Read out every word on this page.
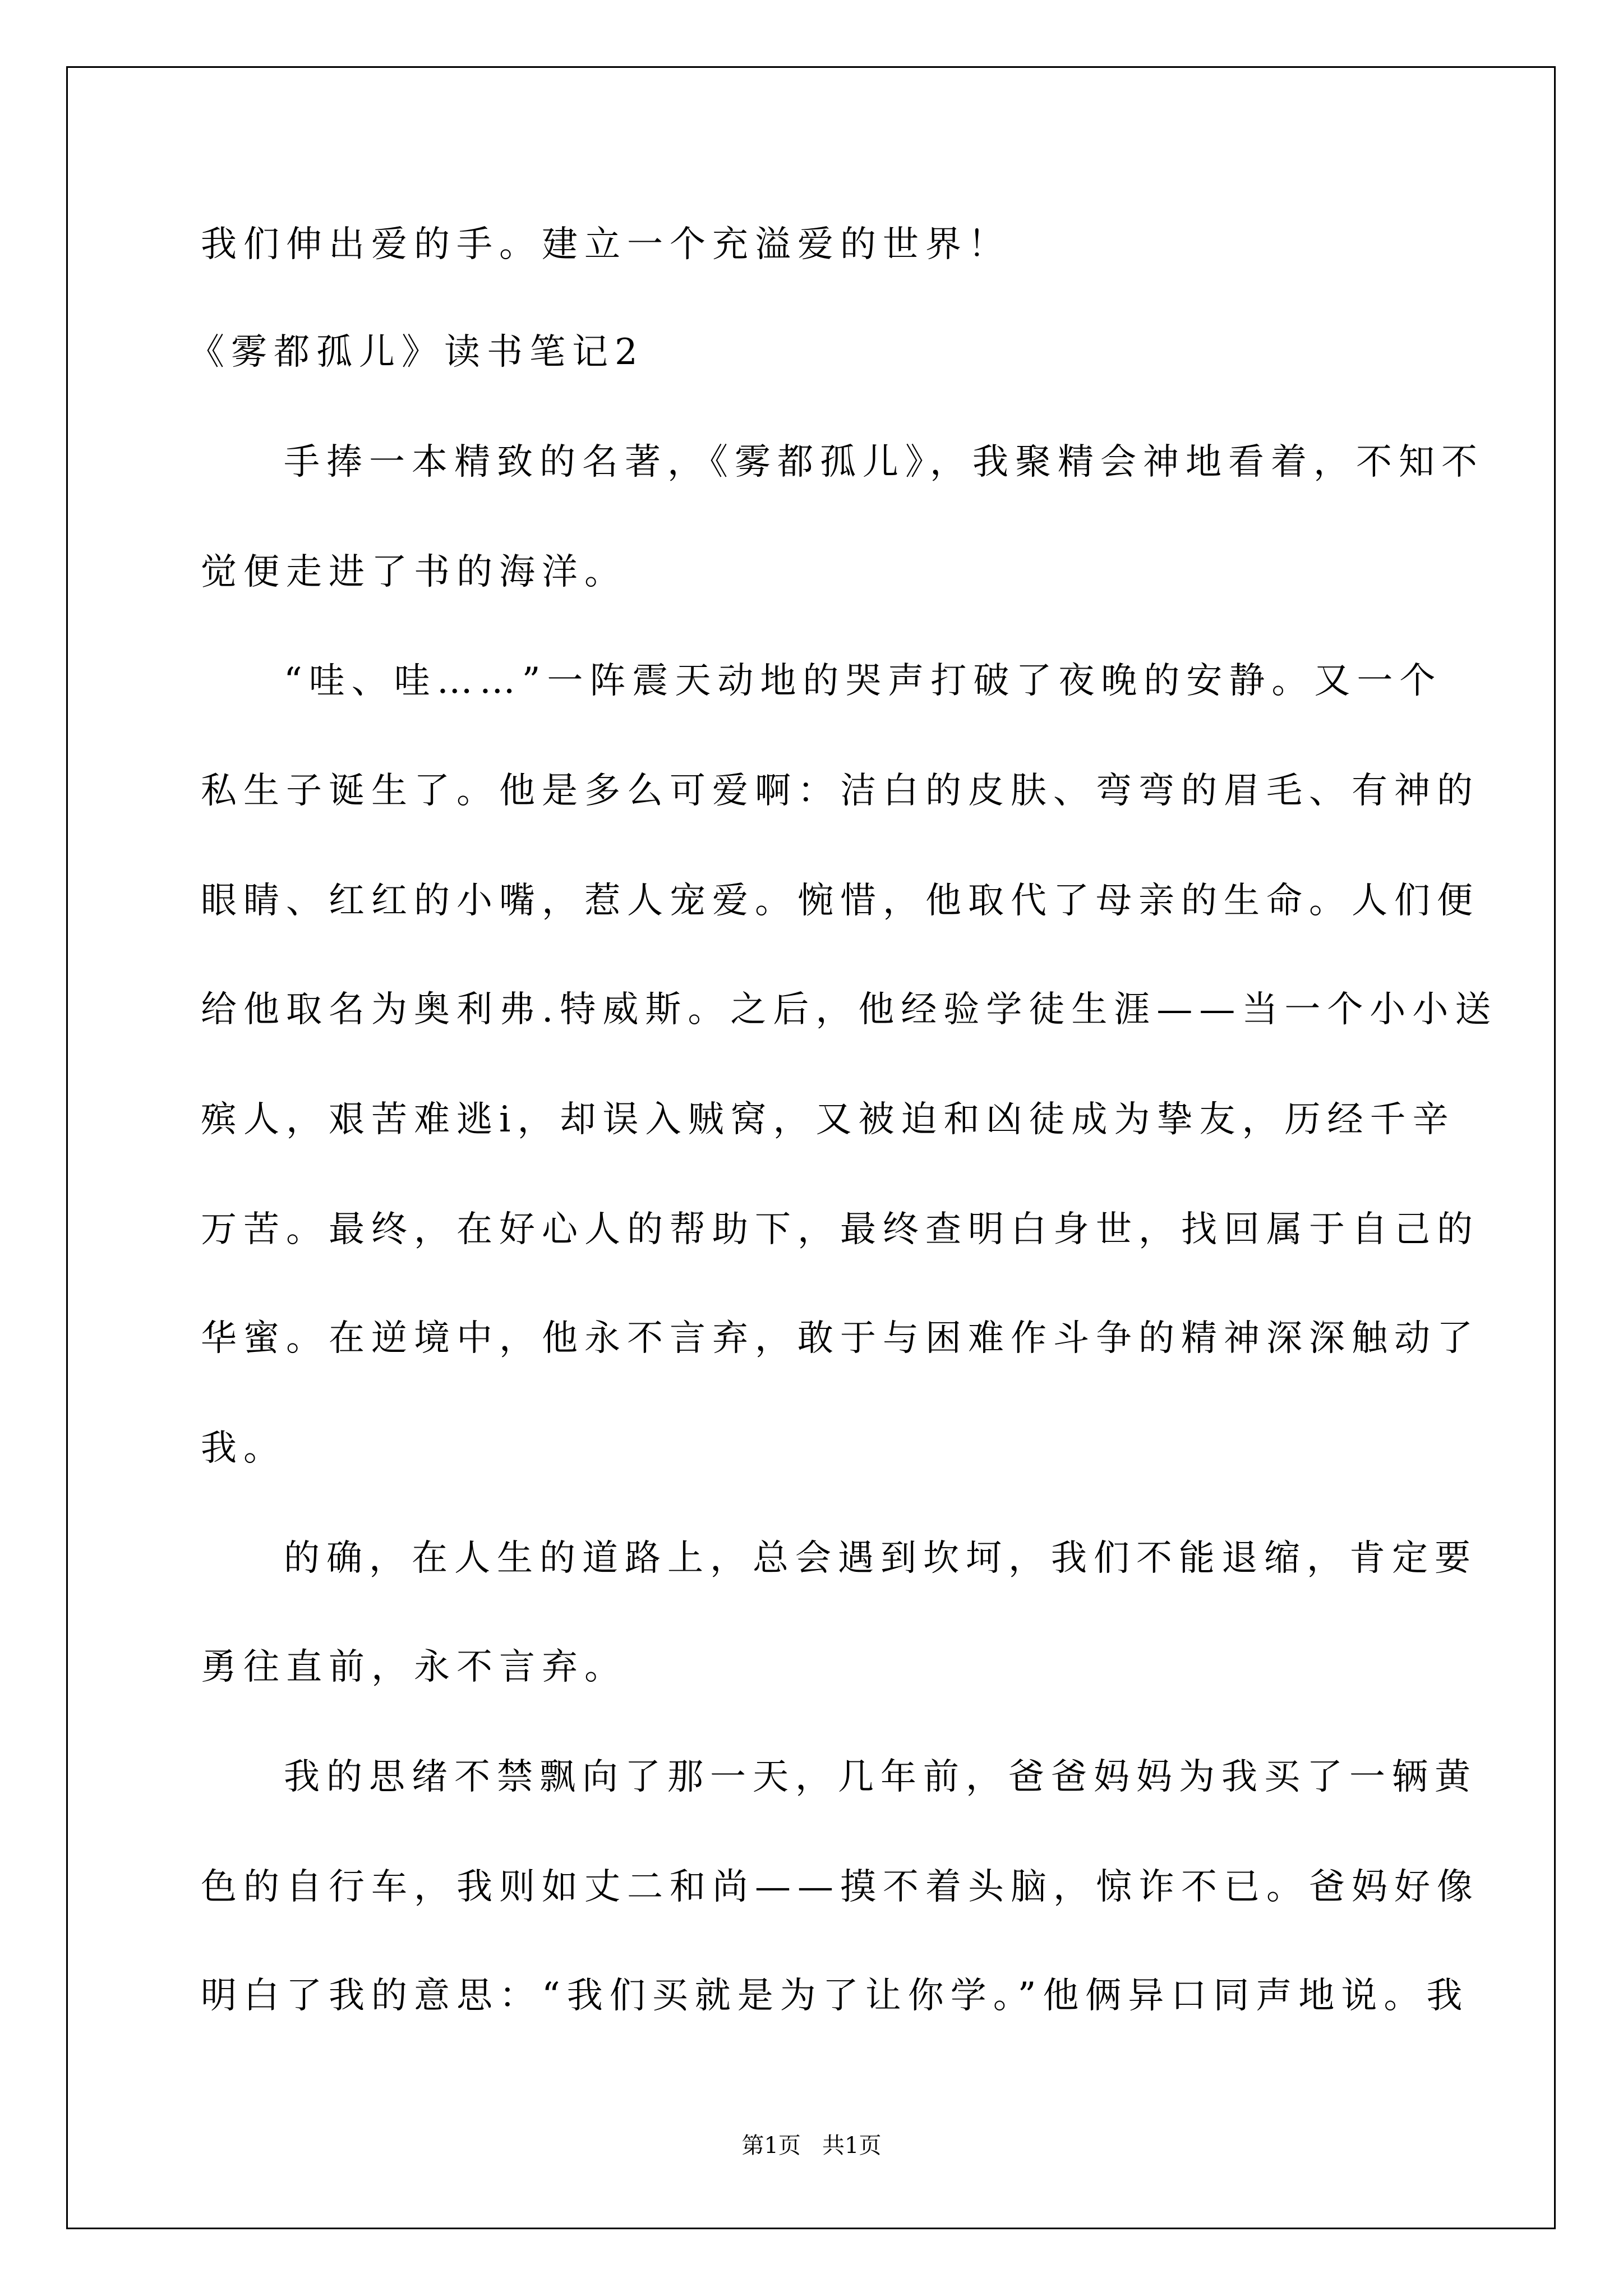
我们伸出爱的手。建立一个充溢爱的世界！
《雾都孤儿》读书笔记2
手捧一本精致的名著，《雾都孤儿》，我聚精会神地看着，不知不
觉便走进了书的海洋。
“哇、哇……”一阵震天动地的哭声打破了夜晚的安静。又一个
私生子诞生了。他是多么可爱啊：洁白的皮肤、弯弯的眉毛、有神的
眼睛、红红的小嘴，惹人宠爱。惋惜，他取代了母亲的生命。人们便
给他取名为奥利弗.特威斯。之后，他经验学徒生涯——当一个小小送
殡人，艰苦难逃i，却误入贼窝，又被迫和凶徒成为挚友，历经千辛
万苦。最终，在好心人的帮助下，最终查明白身世，找回属于自己的
华蜜。在逆境中，他永不言弃，敢于与困难作斗争的精神深深触动了
我。
的确，在人生的道路上，总会遇到坎坷，我们不能退缩，肯定要
勇往直前，永不言弃。
我的思绪不禁飘向了那一天，几年前，爸爸妈妈为我买了一辆黄
色的自行车，我则如丈二和尚——摸不着头脑，惊诈不已。爸妈好像
明白了我的意思：“我们买就是为了让你学。”他俩异口同声地说。我
第1页   共1页
